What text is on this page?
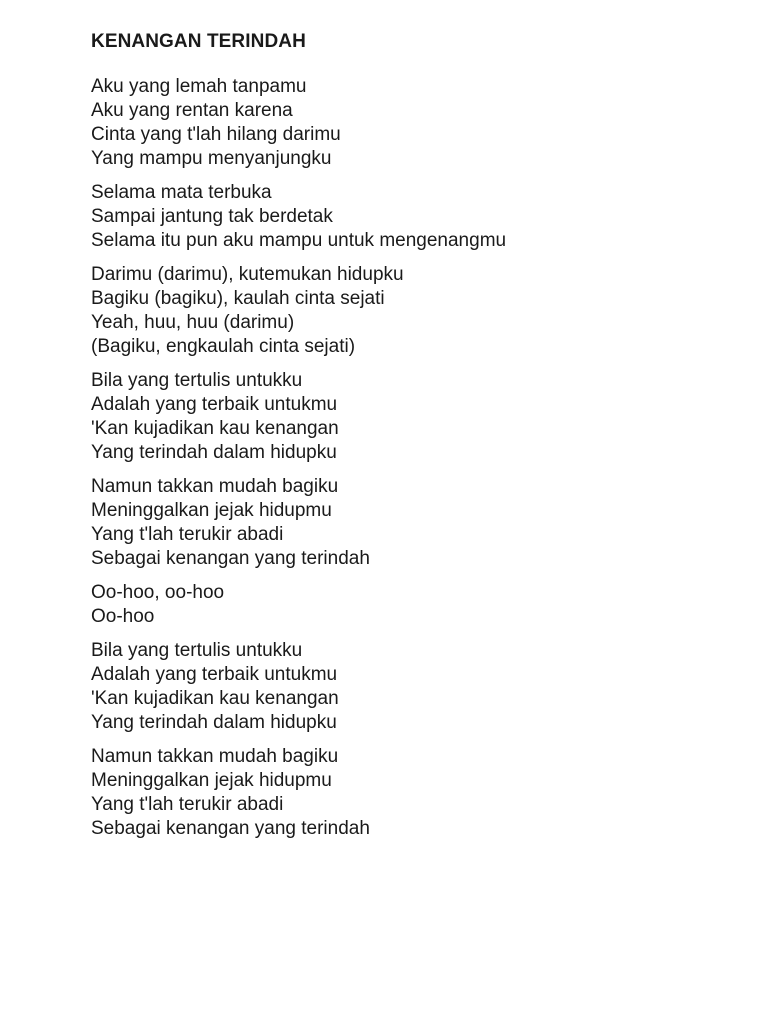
KENANGAN TERINDAH
Aku yang lemah tanpamu
Aku yang rentan karena
Cinta yang t'lah hilang darimu
Yang mampu menyanjungku
Selama mata terbuka
Sampai jantung tak berdetak
Selama itu pun aku mampu untuk mengenangmu
Darimu (darimu), kutemukan hidupku
Bagiku (bagiku), kaulah cinta sejati
Yeah, huu, huu (darimu)
(Bagiku, engkaulah cinta sejati)
Bila yang tertulis untukku
Adalah yang terbaik untukmu
'Kan kujadikan kau kenangan
Yang terindah dalam hidupku
Namun takkan mudah bagiku
Meninggalkan jejak hidupmu
Yang t'lah terukir abadi
Sebagai kenangan yang terindah
Oo-hoo, oo-hoo
Oo-hoo
Bila yang tertulis untukku
Adalah yang terbaik untukmu
'Kan kujadikan kau kenangan
Yang terindah dalam hidupku
Namun takkan mudah bagiku
Meninggalkan jejak hidupmu
Yang t'lah terukir abadi
Sebagai kenangan yang terindah
